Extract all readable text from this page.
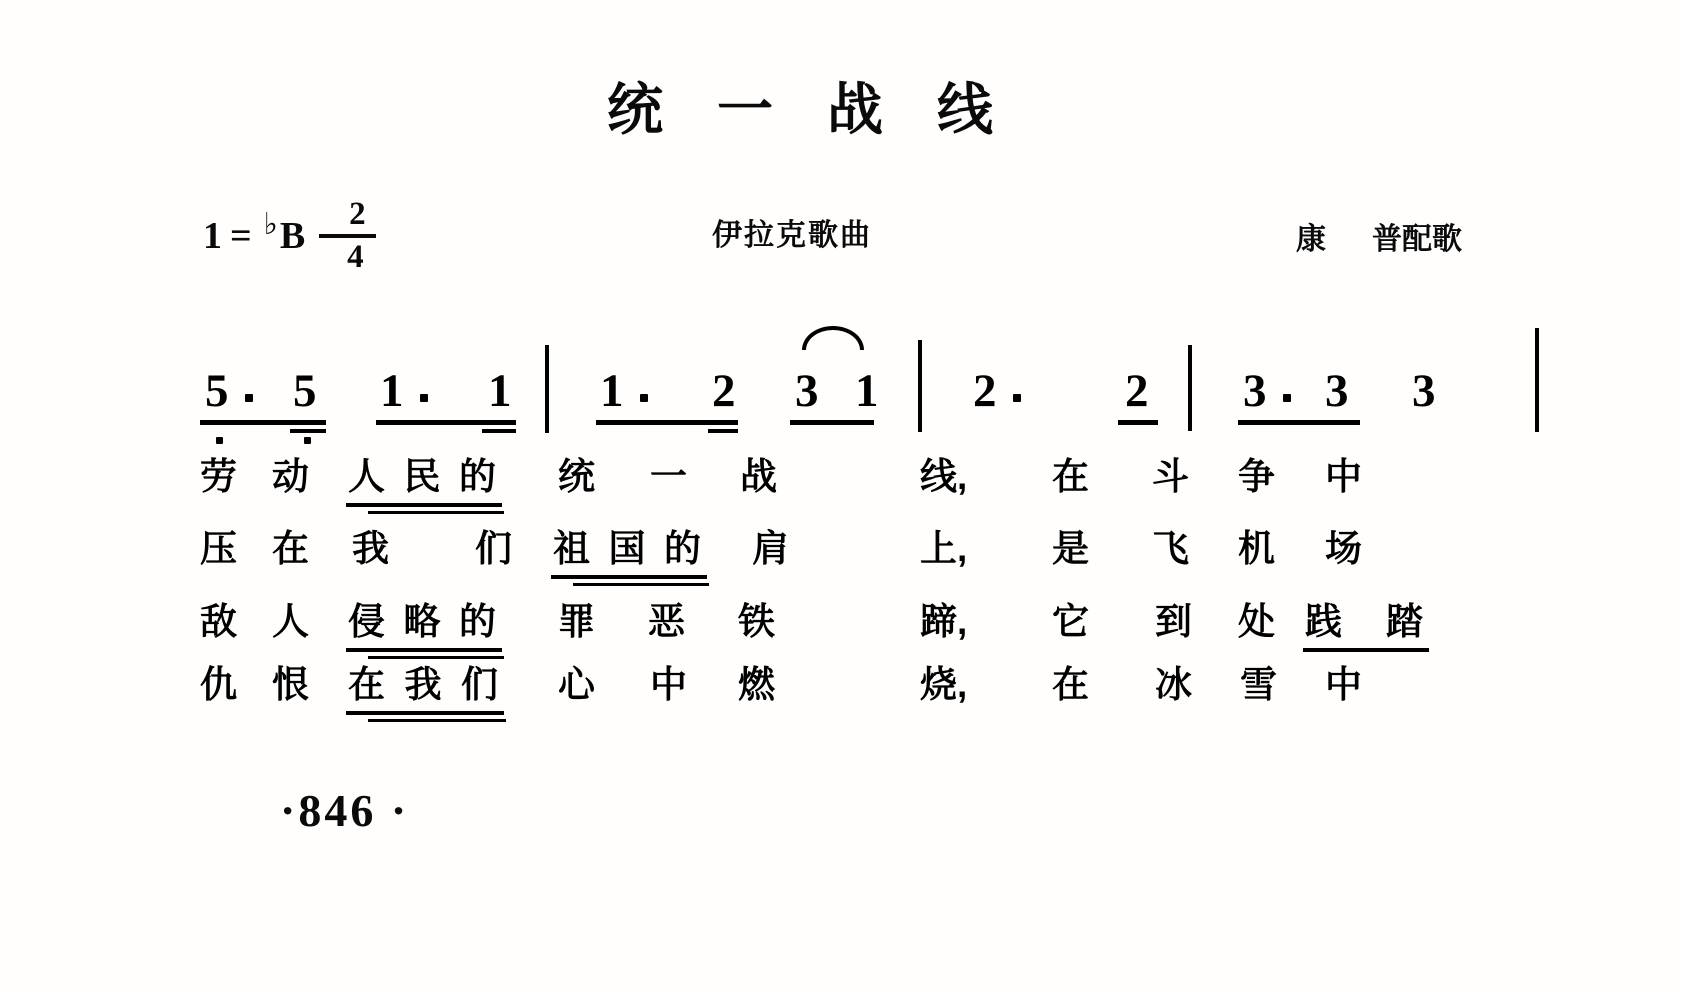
统一战线
1 = ♭ B $\frac{2}{4}$	伊拉克歌曲	康 普配歌
5 5 1 1 1 2 3 1 2	2 3 3 3
劳 动 人 民 的 统 一 战	线, 在 斗 争 中
压 在 我 们 祖 国 的 肩	上, 是 飞 机 场
敌 人 侵 略 的 罪 恶 铁	蹄, 它 到 处 践 踏
仇 恨 在 我 们 心 中 燃	烧, 在 冰 雪 中
·846 ·
